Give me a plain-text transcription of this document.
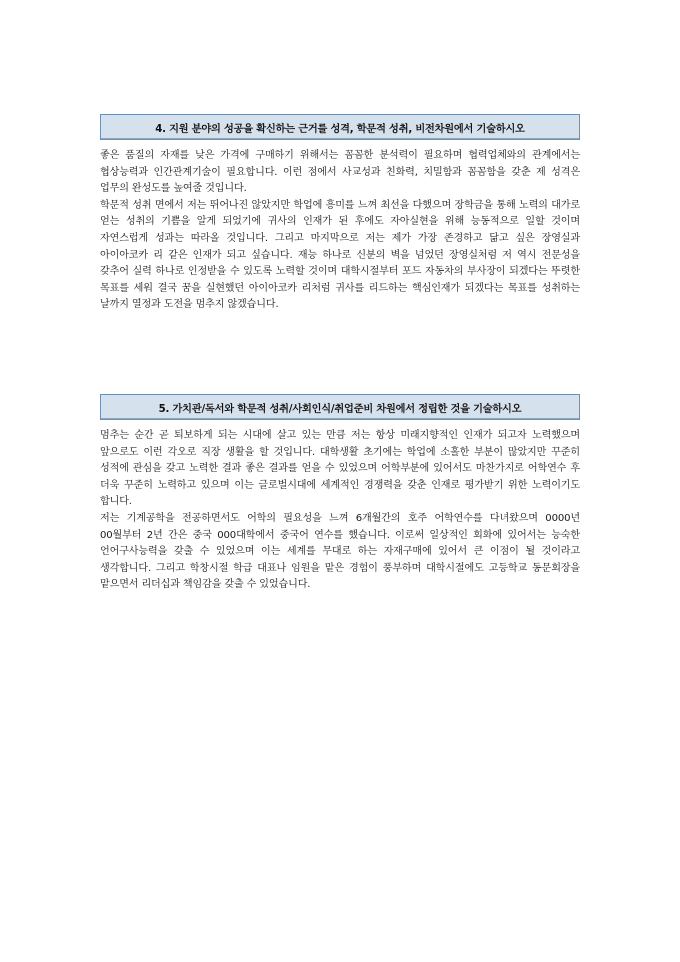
4. 지원 분야의 성공을 확신하는 근거를 성격, 학문적 성취, 비전차원에서 기술하시오

좋은 품질의 자재를 낮은 가격에 구매하기 위해서는 꼼꼼한 분석력이 필요하며 협력업체와의 관계에서는 협상능력과 인간관계기술이 필요합니다. 이런 점에서 사교성과 친화력, 치밀함과 꼼꼼함을 갖춘 제 성격은 업무의 완성도를 높여줄 것입니다.

학문적 성취 면에서 저는 뛰어나진 않았지만 학업에 흥미를 느껴 최선을 다했으며 장학금을 통해 노력의 대가로 얻는 성취의 기쁨을 알게 되었기에 귀사의 인재가 된 후에도 자아실현을 위해 능동적으로 일할 것이며 자연스럽게 성과는 따라올 것입니다. 그리고 마지막으로 저는 제가 가장 존경하고 닮고 싶은 장영실과 아이아코카 리 같은 인재가 되고 싶습니다. 재능 하나로 신분의 벽을 넘었던 장영실처럼 저 역시 전문성을 갖추어 실력 하나로 인정받을 수 있도록 노력할 것이며 대학시절부터 포드 자동차의 부사장이 되겠다는 뚜렷한 목표를 세워 결국 꿈을 실현했던 아이아코카 리처럼 귀사를 리드하는 핵심인재가 되겠다는 목표를 성취하는 날까지 열정과 도전을 멈추지 않겠습니다.

5. 가치관/독서와 학문적 성취/사회인식/취업준비 차원에서 정립한 것을 기술하시오

멈추는 순간 곧 퇴보하게 되는 시대에 살고 있는 만큼 저는 항상 미래지향적인 인재가 되고자 노력했으며 앞으로도 이런 각오로 직장 생활을 할 것입니다. 대학생활 초기에는 학업에 소홀한 부분이 많았지만 꾸준히 성적에 관심을 갖고 노력한 결과 좋은 결과를 얻을 수 있었으며 어학부분에 있어서도 마찬가지로 어학연수 후 더욱 꾸준히 노력하고 있으며 이는 글로벌시대에 세계적인 경쟁력을 갖춘 인재로 평가받기 위한 노력이기도 합니다.

저는 기계공학을 전공하면서도 어학의 필요성을 느껴 6개월간의 호주 어학연수를 다녀왔으며 0000년 00월부터 2년 간은 중국 000대학에서 중국어 연수를 했습니다. 이로써 일상적인 회화에 있어서는 능숙한 언어구사능력을 갖출 수 있었으며 이는 세계를 무대로 하는 자재구매에 있어서 큰 이점이 될 것이라고 생각합니다. 그리고 학창시절 학급 대표나 임원을 맡은 경험이 풍부하며 대학시절에도 고등학교 동문회장을 맡으면서 리더십과 책임감을 갖출 수 있었습니다.
